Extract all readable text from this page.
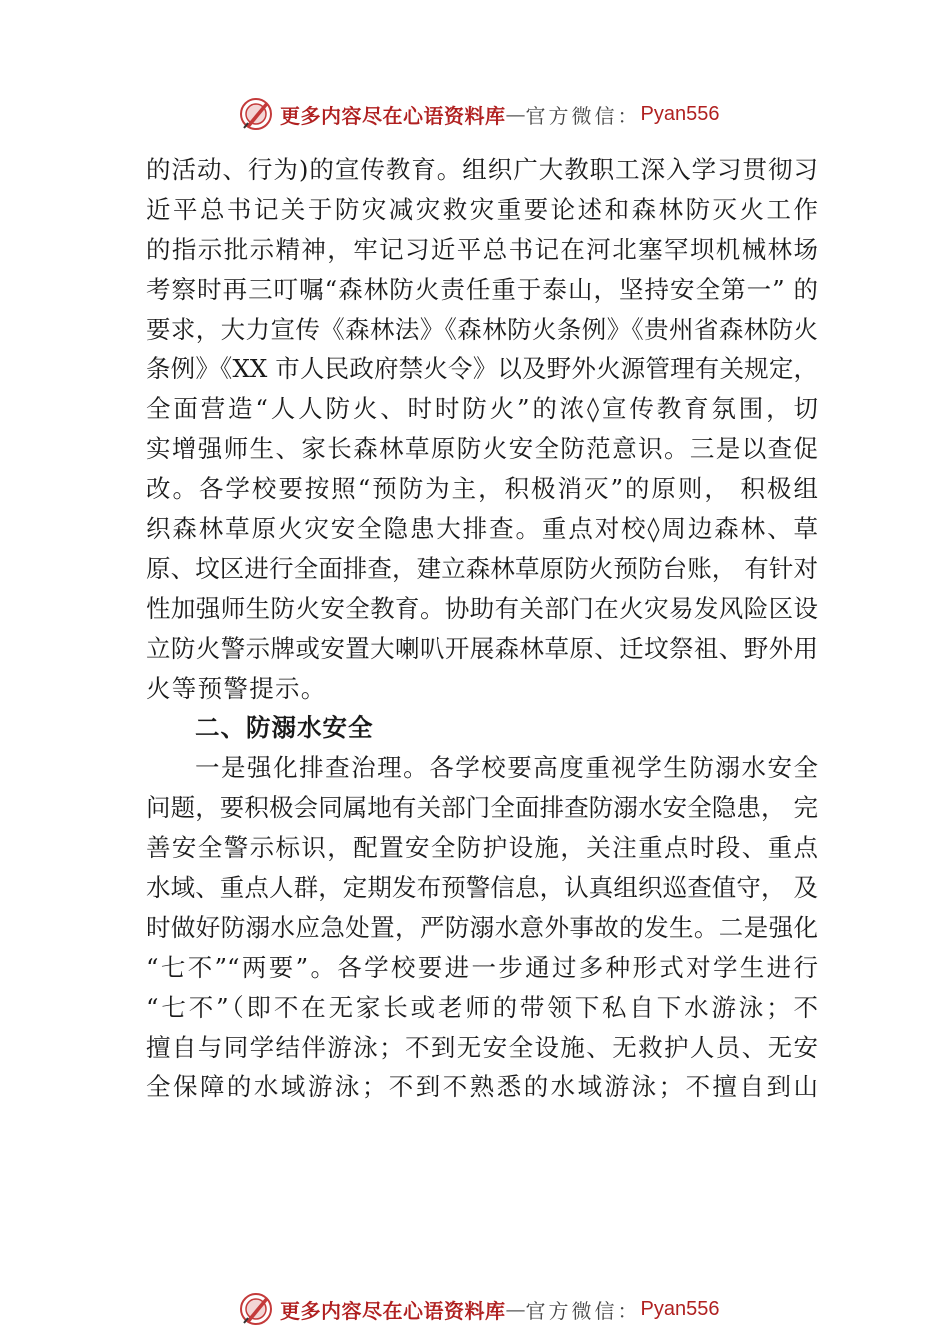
更多内容尽在心语资料库 — 官方微信： Pyan556
的活动、行为)的宣传教育。组织广大教职工深入学习贯彻习
近平总书记关于防灾减灾救灾重要论述和森林防灭火工作
的指示批示精神，牢记习近平总书记在河北塞罕坝机械林场
考察时再三叮嘱“森林防火责任重于泰山，坚持安全第一” 的
要求，大力宣传《森林法》《森林防火条例》《贵州省森林防火
条例》《XX 市人民政府禁火令》以及野外火源管理有关规定，
全面营造“人人防火、时时防火”的浓◊宣传教育氛围，切
实增强师生、家长森林草原防火安全防范意识。三是以查促
改。各学校要按照“预防为主，积极消灭”的原则， 积极组
织森林草原火灾安全隐患大排查。重点对校◊周边森林、草
原、坟区进行全面排查，建立森林草原防火预防台账， 有针对
性加强师生防火安全教育。协助有关部门在火灾易发风险区设
立防火警示牌或安置大喇叭开展森林草原、迁坟祭祖、野外用
火等预警提示。
二、防溺水安全
一是强化排查治理。各学校要高度重视学生防溺水安全
问题，要积极会同属地有关部门全面排查防溺水安全隐患， 完
善安全警示标识，配置安全防护设施，关注重点时段、重点
水域、重点人群，定期发布预警信息，认真组织巡查值守， 及
时做好防溺水应急处置，严防溺水意外事故的发生。二是强化
“七不”“两要”。各学校要进一步通过多种形式对学生进行
“七不”（即不在无家长或老师的带领下私自下水游泳；不
擅自与同学结伴游泳；不到无安全设施、无救护人员、无安
全保障的水域游泳；不到不熟悉的水域游泳；不擅自到山
更多内容尽在心语资料库 — 官方微信： Pyan556
